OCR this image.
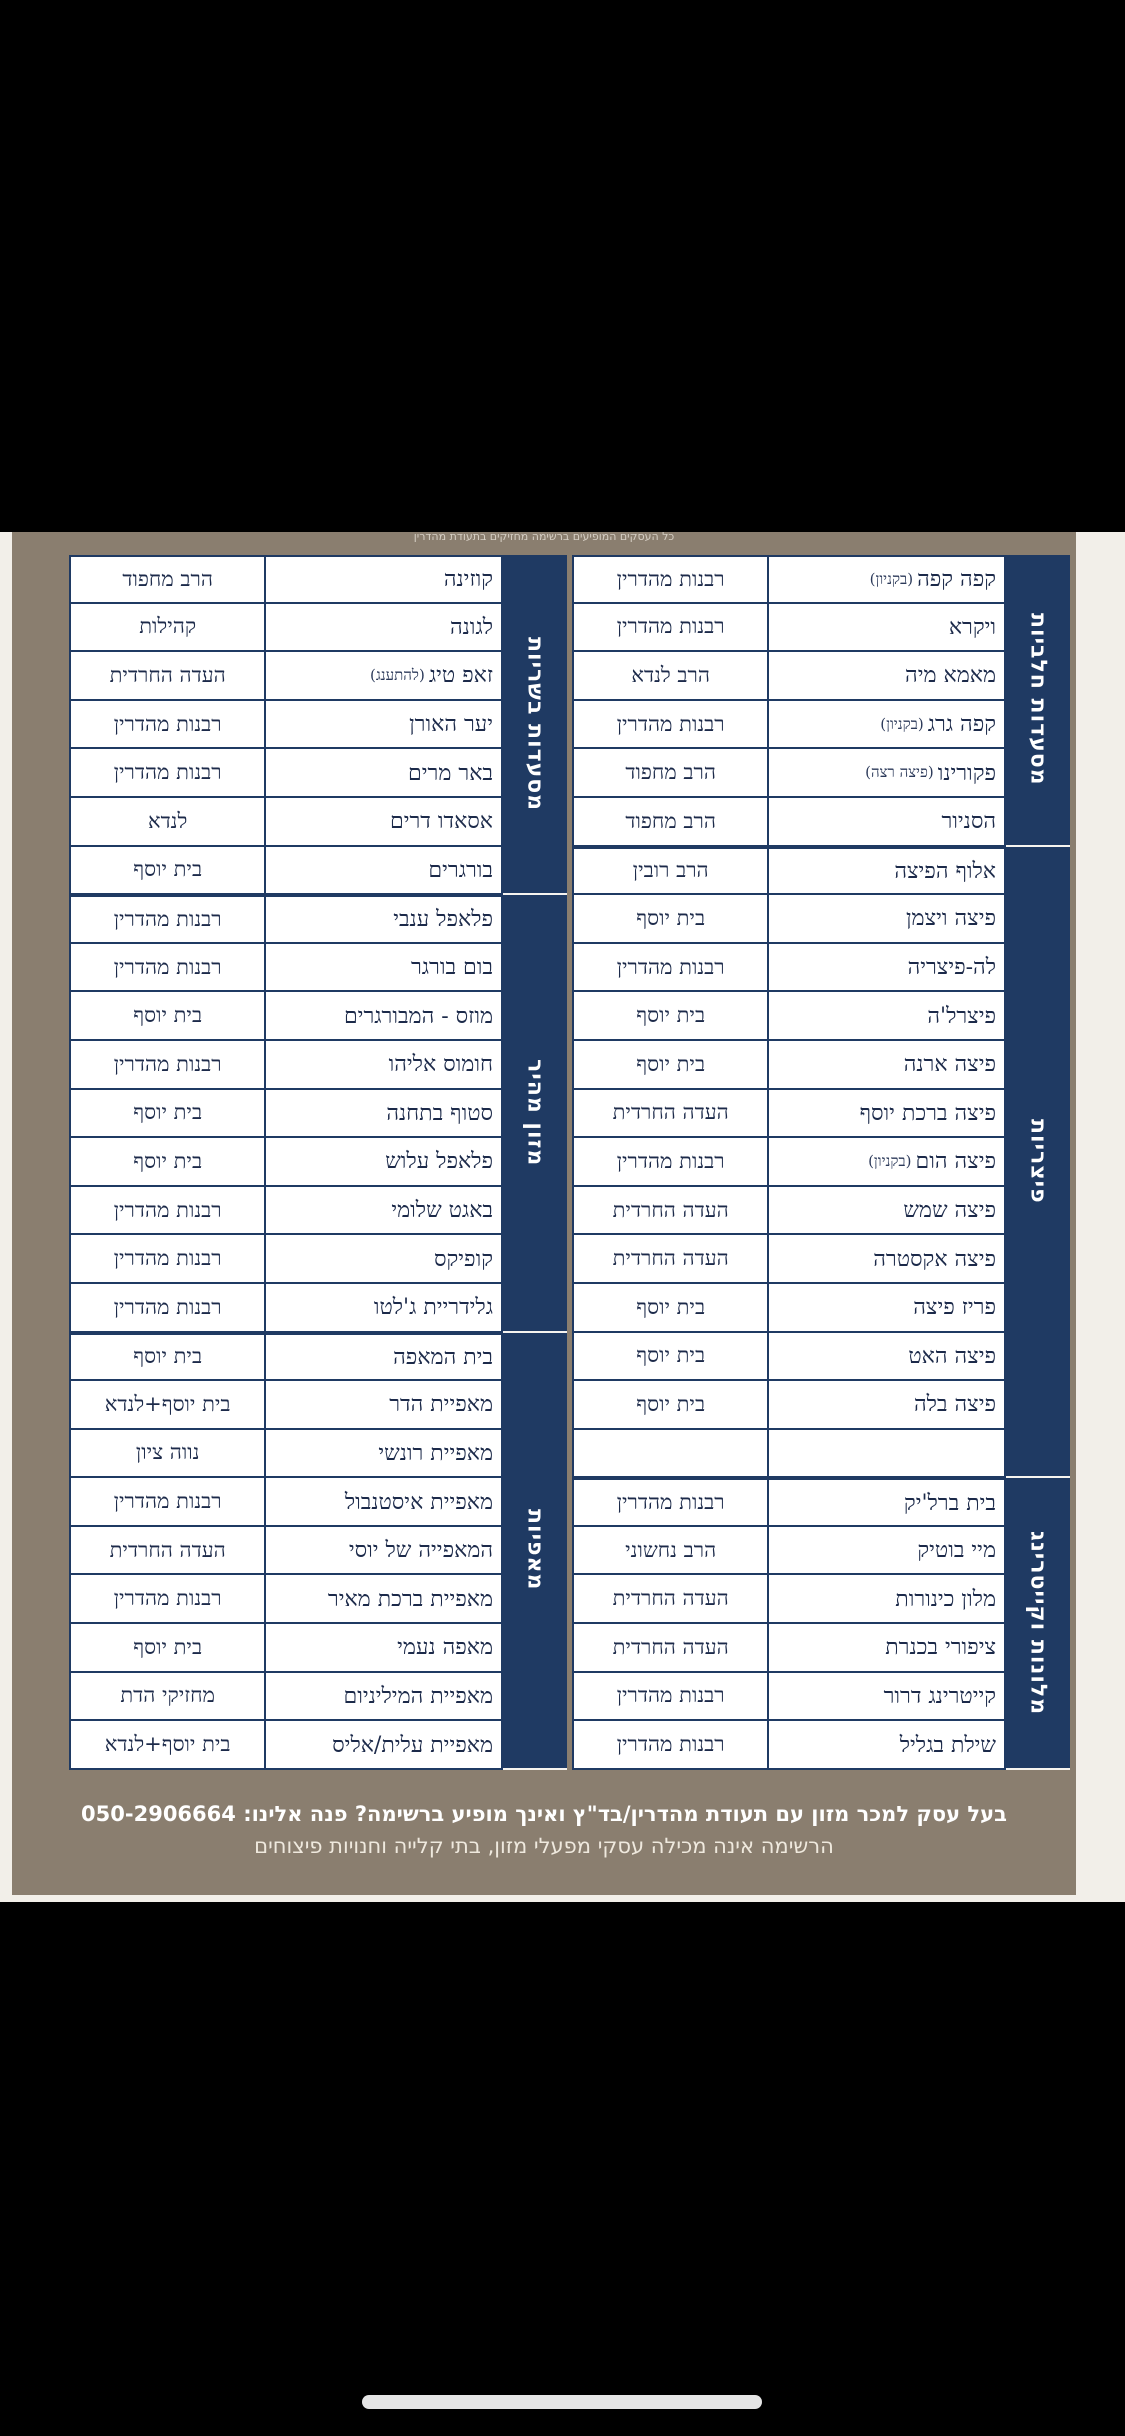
כל העסקים המופיעים ברשימה מחזיקים בתעודת מהדרין
מסעדות חלביות
קפה קפה
(בקניון)
רבנות מהדרין
ויקרא
רבנות מהדרין
מאמא מיה
הרב לנדא
קפה גרג
(בקניון)
רבנות מהדרין
פקורינו
(פיצה רצה)
הרב מחפוד
הסניור
הרב מחפוד
פיצריות
אלוף הפיצה
הרב רובין
פיצה ויצמן
בית יוסף
לה-פיצריה
רבנות מהדרין
פיצרל'ה
בית יוסף
פיצה ארנה
בית יוסף
פיצה ברכת יוסף
העדה החרדית
פיצה הום
(בקניון)
רבנות מהדרין
פיצה שמש
העדה החרדית
פיצה אקסטרה
העדה החרדית
פריז פיצה
בית יוסף
פיצה האט
בית יוסף
פיצה בלה
בית יוסף
מלונות וקייטרינג
בית ברל'יק
רבנות מהדרין
מיי בוטיק
הרב נחשוני
מלון כינורות
העדה החרדית
ציפורי בכנרת
העדה החרדית
קייטרינג דרור
רבנות מהדרין
שילת בגליל
רבנות מהדרין
מסעדות בשריות
קוזינה
הרב מחפוד
לגונה
קהילות
זאפ טיג
(להתענג)
העדה החרדית
יער האורן
רבנות מהדרין
באר מרים
רבנות מהדרין
אסאדו דרים
לנדא
בורגרים
בית יוסף
מזון מהיר
פלאפל ענבי
רבנות מהדרין
בום בורגר
רבנות מהדרין
מוזס - המבורגרים
בית יוסף
חומוס אליהו
רבנות מהדרין
סטוף בתחנה
בית יוסף
פלאפל עלוש
בית יוסף
באגט שלומי
רבנות מהדרין
קופיקס
רבנות מהדרין
גלידריית ג'לטו
רבנות מהדרין
מאפיות
בית המאפה
בית יוסף
מאפיית הדר
בית יוסף+לנדא
מאפיית רונשי
נווה ציון
מאפיית איסטנבול
רבנות מהדרין
המאפייה של יוסי
העדה החרדית
מאפיית ברכת מאיר
רבנות מהדרין
מאפה נעמי
בית יוסף
מאפיית המיליניום
מחזיקי הדת
מאפיית עלית/אליס
בית יוסף+לנדא
בעל עסק למכר מזון עם תעודת מהדרין/בד"ץ ואינך מופיע ברשימה? פנה אלינו: 050-2906664
הרשימה אינה מכילה עסקי מפעלי מזון, בתי קלייה וחנויות פיצוחים
